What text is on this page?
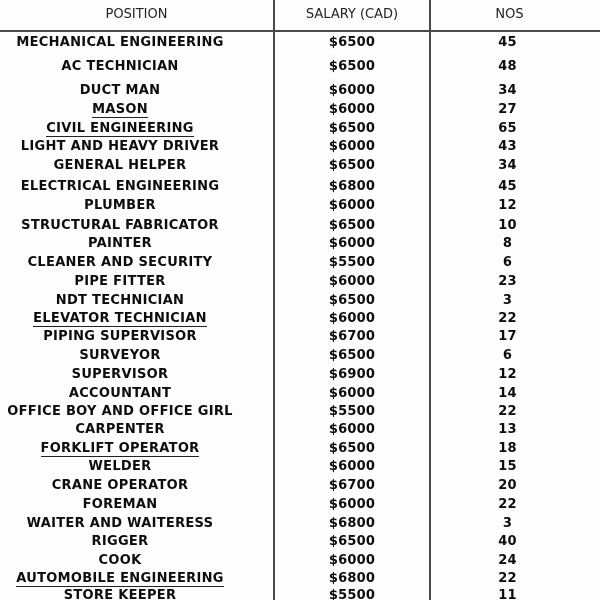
POSITION	SALARY (CAD)	NOS
MECHANICAL ENGINEERING	$6500	45
AC TECHNICIAN	$6500	48
DUCT MAN	$6000	34
MASON	$6000	27
CIVIL ENGINEERING	$6500	65
LIGHT AND HEAVY DRIVER	$6000	43
GENERAL HELPER	$6500	34
ELECTRICAL ENGINEERING	$6800	45
PLUMBER	$6000	12
STRUCTURAL FABRICATOR	$6500	10
PAINTER	$6000	8
CLEANER AND SECURITY	$5500	6
PIPE FITTER	$6000	23
NDT TECHNICIAN	$6500	3
ELEVATOR TECHNICIAN	$6000	22
PIPING SUPERVISOR	$6700	17
SURVEYOR	$6500	6
SUPERVISOR	$6900	12
ACCOUNTANT	$6000	14
OFFICE BOY AND OFFICE GIRL	$5500	22
CARPENTER	$6000	13
FORKLIFT OPERATOR	$6500	18
WELDER	$6000	15
CRANE OPERATOR	$6700	20
FOREMAN	$6000	22
WAITER AND WAITERESS	$6800	3
RIGGER	$6500	40
COOK	$6000	24
AUTOMOBILE ENGINEERING	$6800	22
STORE KEEPER	$5500	11
